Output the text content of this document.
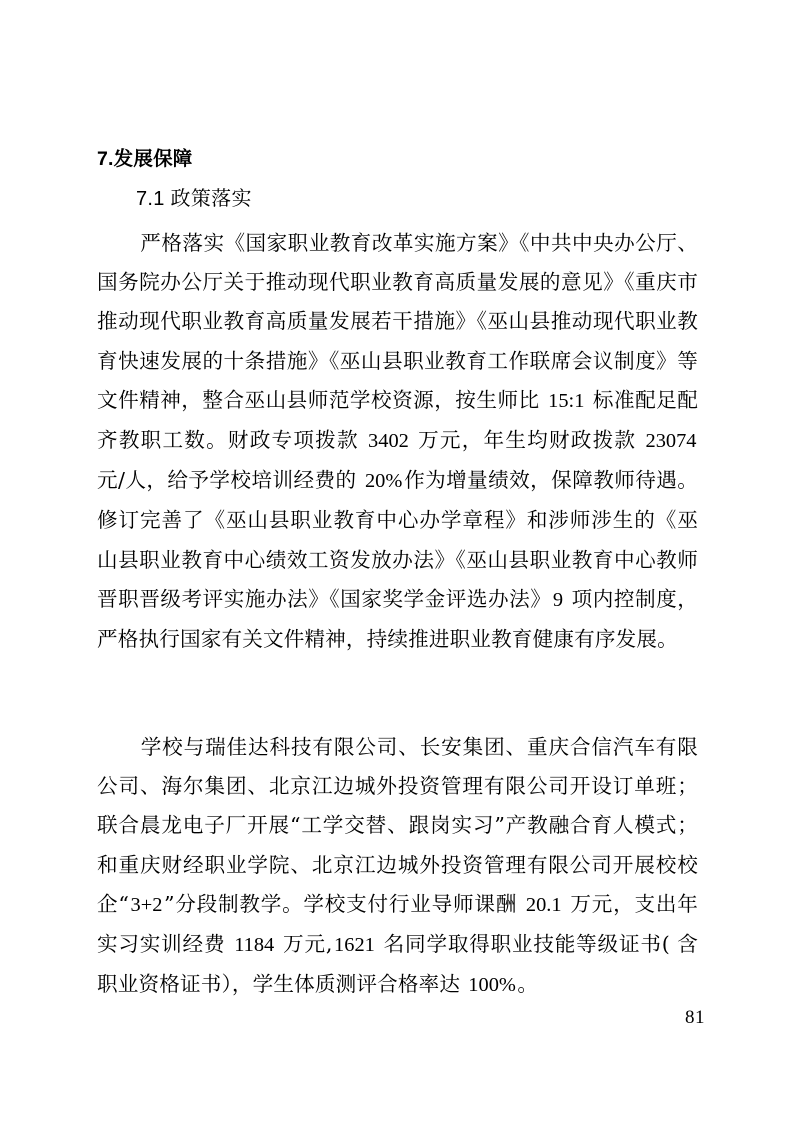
7.发展保障
7.1 政策落实

严格落实《国家职业教育改革实施方案》《中共中央办公厅、国务院办公厅关于推动现代职业教育高质量发展的意见》《重庆市推动现代职业教育高质量发展若干措施》《巫山县推动现代职业教育快速发展的十条措施》《巫山县职业教育工作联席会议制度》等文件精神，整合巫山县师范学校资源，按生师比 15:1 标准配足配齐教职工数。财政专项拨款 3402 万元，年生均财政拨款 23074 元/人，给予学校培训经费的 20%作为增量绩效，保障教师待遇。修订完善了《巫山县职业教育中心办学章程》和涉师涉生的《巫山县职业教育中心绩效工资发放办法》《巫山县职业教育中心教师晋职晋级考评实施办法》《国家奖学金评选办法》9 项内控制度，严格执行国家有关文件精神，持续推进职业教育健康有序发展。

学校与瑞佳达科技有限公司、长安集团、重庆合信汽车有限公司、海尔集团、北京江边城外投资管理有限公司开设订单班；联合晨龙电子厂开展“工学交替、跟岗实习”产教融合育人模式；和重庆财经职业学院、北京江边城外投资管理有限公司开展校校企“3+2”分段制教学。学校支付行业导师课酬 20.1 万元，支出年实习实训经费 1184 万元,1621 名同学取得职业技能等级证书( 含职业资格证书），学生体质测评合格率达 100%。

81
